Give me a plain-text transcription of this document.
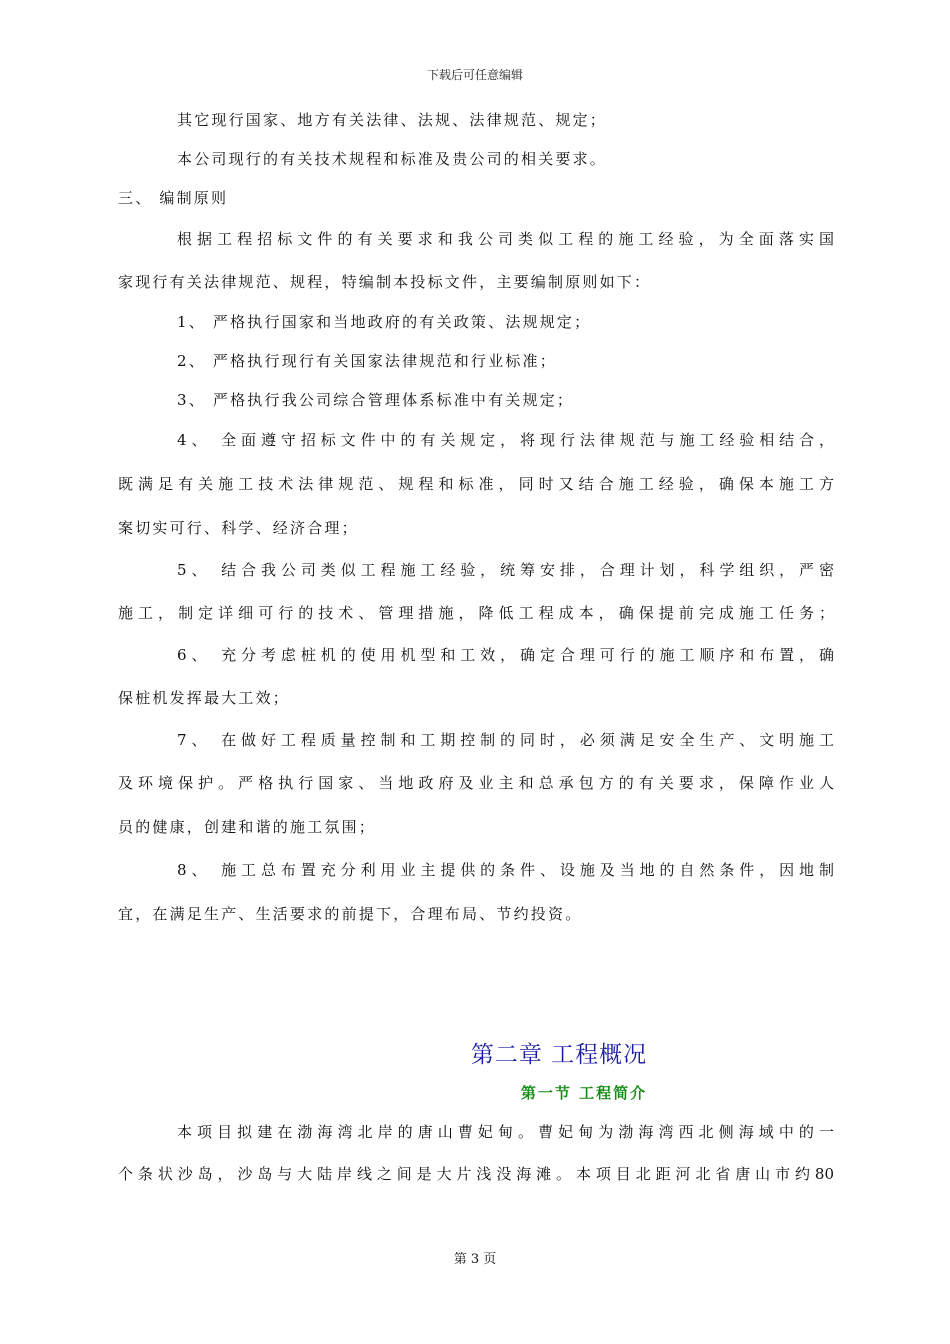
下载后可任意编辑
其它现行国家、地方有关法律、法规、法律规范、规定；
本公司现行的有关技术规程和标准及贵公司的相关要求。
三、 编制原则
根据工程招标文件的有关要求和我公司类似工程的施工经验，为全面落实国
家现行有关法律规范、规程，特编制本投标文件，主要编制原则如下：
1、 严格执行国家和当地政府的有关政策、法规规定；
2、 严格执行现行有关国家法律规范和行业标准；
3、 严格执行我公司综合管理体系标准中有关规定；
4、 全面遵守招标文件中的有关规定，将现行法律规范与施工经验相结合，
既满足有关施工技术法律规范、规程和标准，同时又结合施工经验，确保本施工方
案切实可行、科学、经济合理；
5、 结合我公司类似工程施工经验，统筹安排，合理计划，科学组织，严密
施工，制定详细可行的技术、管理措施，降低工程成本，确保提前完成施工任务；
6、 充分考虑桩机的使用机型和工效，确定合理可行的施工顺序和布置，确
保桩机发挥最大工效；
7、 在做好工程质量控制和工期控制的同时，必须满足安全生产、文明施工
及环境保护。严格执行国家、当地政府及业主和总承包方的有关要求，保障作业人
员的健康，创建和谐的施工氛围；
8、 施工总布置充分利用业主提供的条件、设施及当地的自然条件，因地制
宜，在满足生产、生活要求的前提下，合理布局、节约投资。
第二章 工程概况
第一节 工程简介
本项目拟建在渤海湾北岸的唐山曹妃甸。曹妃甸为渤海湾西北侧海域中的一
个条状沙岛，沙岛与大陆岸线之间是大片浅没海滩。本项目北距河北省唐山市约80
第 3 页
